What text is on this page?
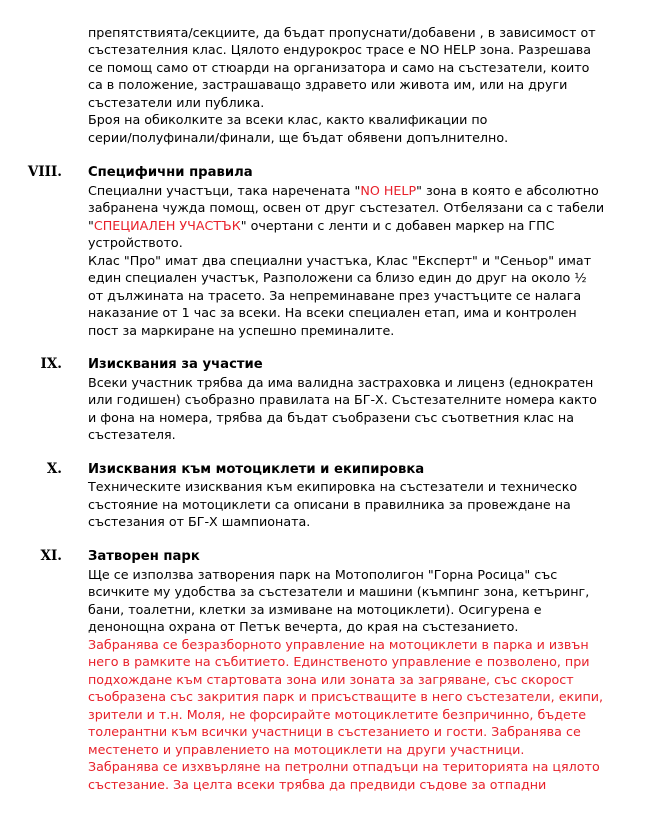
препятствията/секциите, да бъдат пропуснати/добавени , в зависимост от
състезателния клас. Цялото ендурокрос трасе е NO HELP зона. Разрешава
се помощ само от стюарди на организатора и само на състезатели, които
са в положение, застрашаващо здравето или живота им, или на други
състезатели или публика.
Броя на обиколките за всеки клас, както квалификации по
серии/полуфинали/финали, ще бъдат обявени допълнително.
VIII. Специфични правила
Специални участъци, така наречената "NO HELP" зона в която е абсолютно
забранена чужда помощ, освен от друг състезател. Отбелязани са с табели
"СПЕЦИАЛЕН УЧАСТЪК" очертани с ленти и с добавен маркер на ГПС
устройството.
Клас "Про" имат два специални участъка, Клас "Експерт" и "Сеньор" имат
един специален участък, Разположени са близо един до друг на около ½
от дължината на трасето. За непреминаване през участъците се налага
наказание от 1 час за всеки. На всеки специален етап, има и контролен
пост за маркиране на успешно преминалите.
IX. Изисквания за участие
Всеки участник трябва да има валидна застраховка и лиценз (еднократен
или годишен) съобразно правилата на БГ-Х. Състезателните номера както
и фона на номера, трябва да бъдат съобразени със съответния клас на
състезателя.
X. Изисквания към мотоциклети и екипировка
Техническите изисквания към екипировка на състезатели и техническо
състояние на мотоциклети са описани в правилника за провеждане на
състезания от БГ-Х шампионата.
XI. Затворен парк
Ще се използва затворения парк на Мотополигон "Горна Росица" със
всичките му удобства за състезатели и машини (къмпинг зона, кетъринг,
бани, тоалетни, клетки за измиване на мотоциклети). Осигурена е
денонощна охрана от Петък вечерта, до края на състезанието.
Забранява се безразборното управление на мотоциклети в парка и извън
него в рамките на събитието. Единственото управление е позволено, при
подхождане към стартовата зона или зоната за загряване, със скорост
съобразена със закрития парк и присъстващите в него състезатели, екипи,
зрители и т.н. Моля, не форсирайте мотоциклетите безпричинно, бъдете
толерантни към всички участници в състезанието и гости. Забранява се
местенето и управлението на мотоциклети на други участници.
Забранява се изхвърляне на петролни отпадъци на територията на цялото
състезание. За целта всеки трябва да предвиди съдове за отпадни
